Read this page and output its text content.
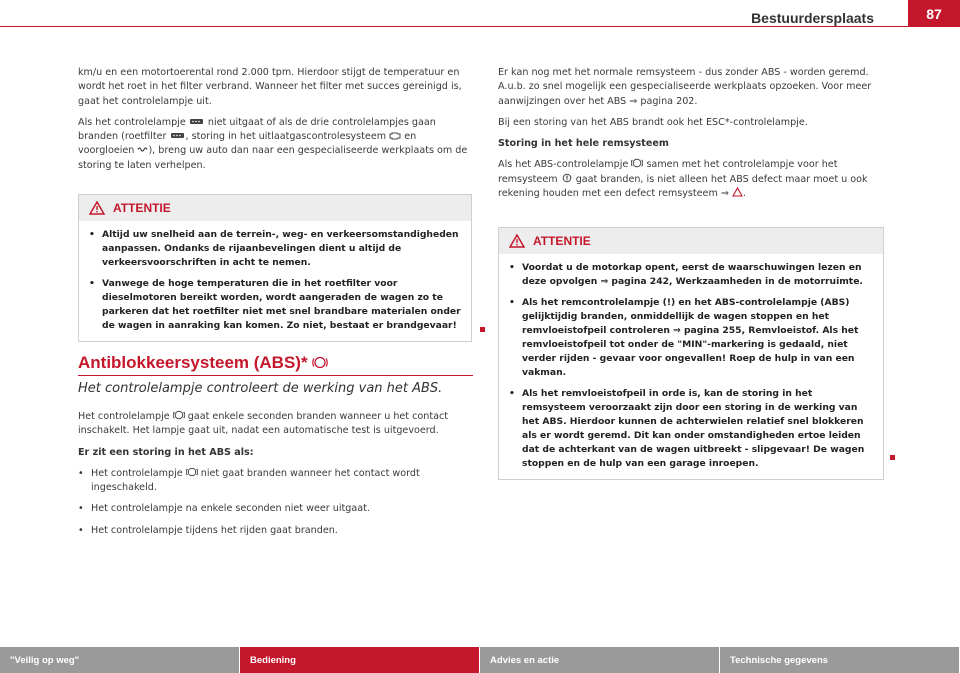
Bestuurdersplaats	87

km/u en een motortoerental rond 2.000 tpm. Hierdoor stijgt de temperatuur en wordt het roet in het filter verbrand. Wanneer het filter met succes gereinigd is, gaat het controlelampje uit.

Als het controlelampje niet uitgaat of als de drie controlelampjes gaan branden (roetfilter , storing in het uitlaatgascontrolesysteem en voorgloeien ), breng uw auto dan naar een gespecialiseerde werkplaats om de storing te laten verhelpen.

ATTENTIE
• Altijd uw snelheid aan de terrein-, weg- en verkeersomstandigheden aanpassen. Ondanks de rijaanbevelingen dient u altijd de verkeersvoorschriften in acht te nemen.
• Vanwege de hoge temperaturen die in het roetfilter voor dieselmotoren bereikt worden, wordt aangeraden de wagen zo te parkeren dat het roetfilter niet met snel brandbare materialen onder de wagen in aanraking kan komen. Zo niet, bestaat er brandgevaar!
Antiblokkeersysteem (ABS)*
Het controlelampje controleert de werking van het ABS.

Het controlelampje gaat enkele seconden branden wanneer u het contact inschakelt. Het lampje gaat uit, nadat een automatische test is uitgevoerd.

Er zit een storing in het ABS als:

• Het controlelampje niet gaat branden wanneer het contact wordt ingeschakeld.

• Het controlelampje na enkele seconden niet weer uitgaat.

• Het controlelampje tijdens het rijden gaat branden.

Er kan nog met het normale remsysteem - dus zonder ABS - worden geremd. A.u.b. zo snel mogelijk een gespecialiseerde werkplaats opzoeken. Voor meer aanwijzingen over het ABS ⇒ pagina 202.

Bij een storing van het ABS brandt ook het ESC*-controlelampje.

Storing in het hele remsysteem

Als het ABS-controlelampje samen met het controlelampje voor het remsysteem gaat branden, is niet alleen het ABS defect maar moet u ook rekening houden met een defect remsysteem ⇒ .

ATTENTIE
• Voordat u de motorkap opent, eerst de waarschuwingen lezen en deze opvolgen ⇒ pagina 242, Werkzaamheden in de motorruimte.
• Als het remcontrolelampje (!) en het ABS-controlelampje (ABS) gelijktijdig branden, onmiddellijk de wagen stoppen en het remvloeistofpeil controleren ⇒ pagina 255, Remvloeistof. Als het remvloeistofpeil tot onder de "MIN"-markering is gedaald, niet verder rijden - gevaar voor ongevallen! Roep de hulp in van een vakman.
• Als het remvloeistofpeil in orde is, kan de storing in het remsysteem veroorzaakt zijn door een storing in de werking van het ABS. Hierdoor kunnen de achterwielen relatief snel blokkeren als er wordt geremd. Dit kan onder omstandigheden ertoe leiden dat de achterkant van de wagen uitbreekt - slipgevaar! De wagen stoppen en de hulp van een garage inroepen.
"Veilig op weg"	Bediening	Advies en actie	Technische gegevens
